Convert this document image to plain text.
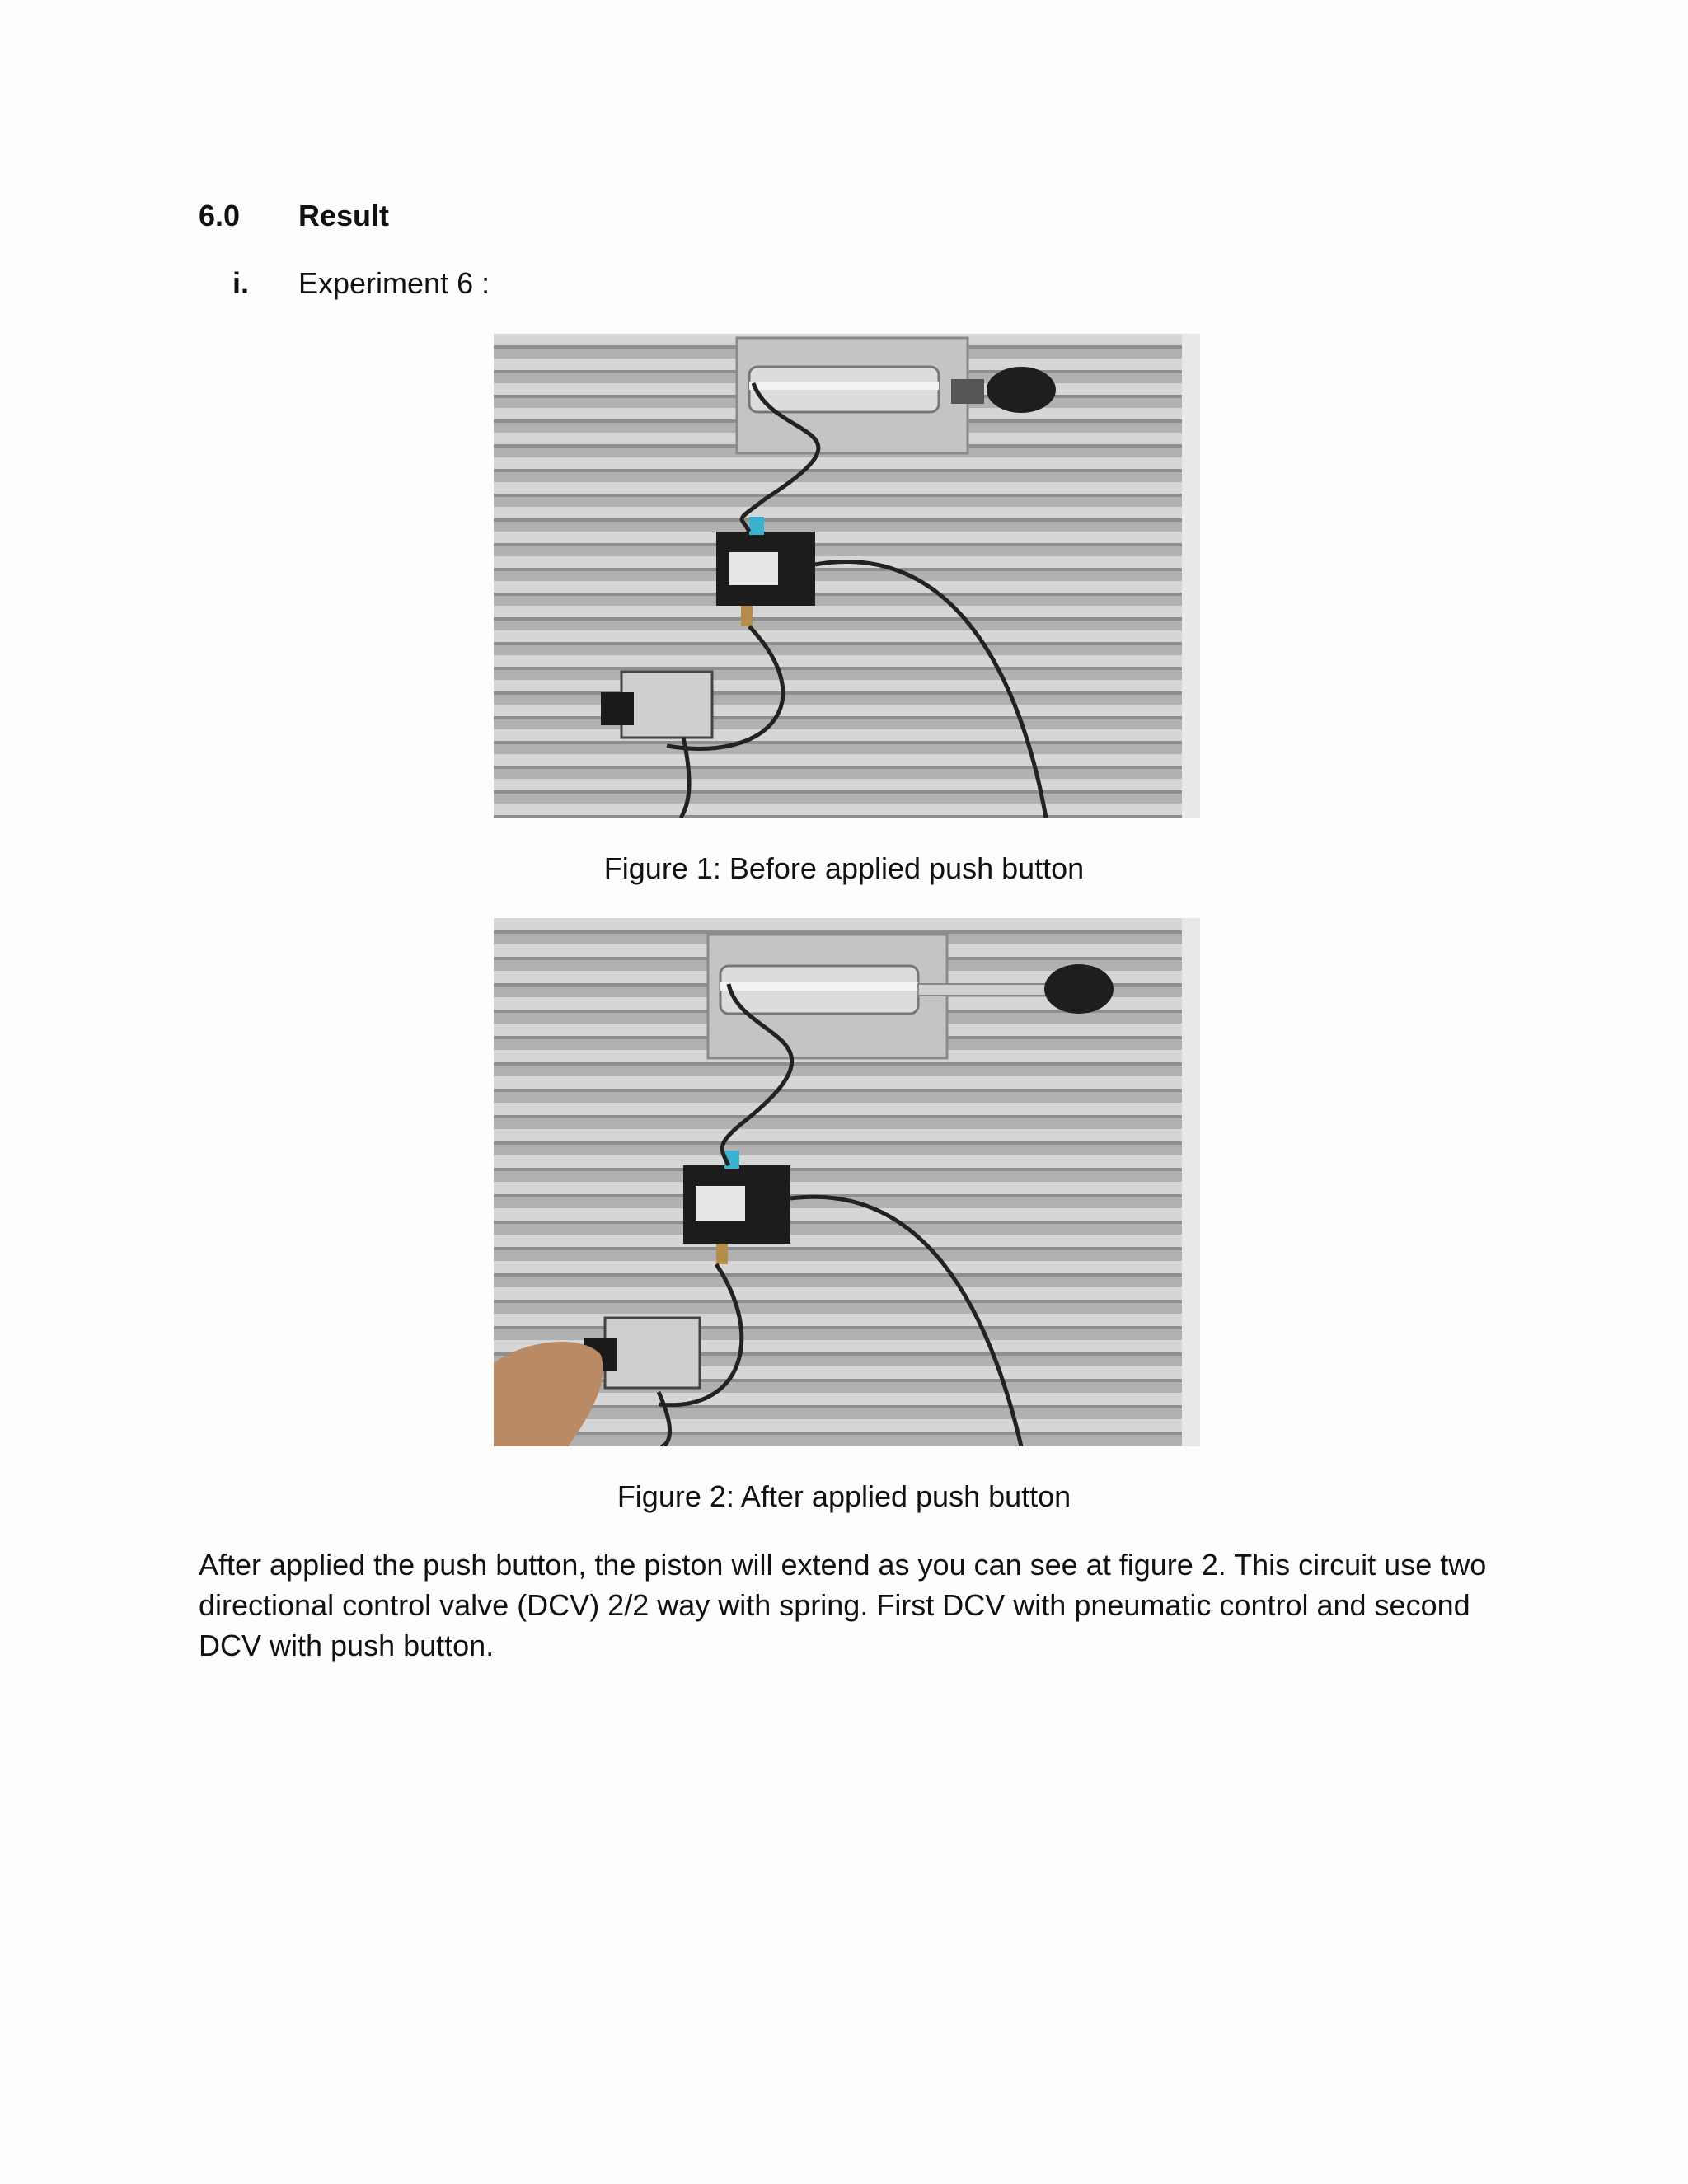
6.0 Result
i. Experiment 6 :
Figure 1: Before applied push button
Figure 2: After applied push button

After applied the push button, the piston will extend as you can see at figure 2. This circuit use two directional control valve (DCV) 2/2 way with spring. First DCV with pneumatic control and second DCV with push button.
